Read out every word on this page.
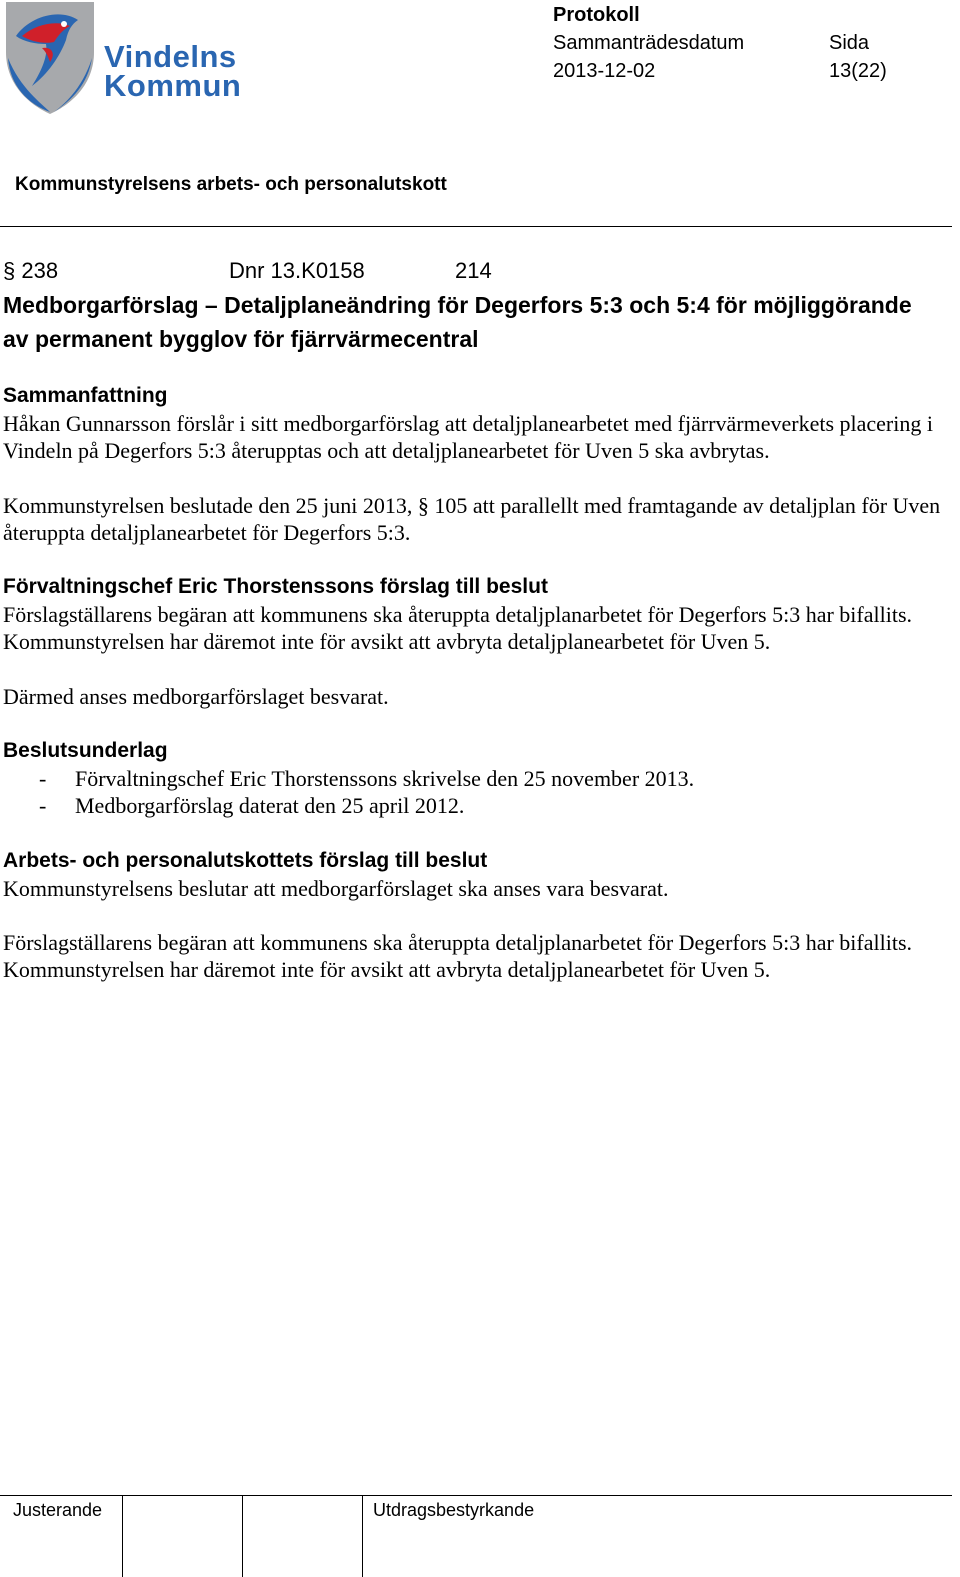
Vindelns
Kommun
Protokoll
Sammanträdesdatum	Sida
2013-12-02	13(22)
Kommunstyrelsens arbets- och personalutskott
§ 238	Dnr 13.K0158	214
Medborgarförslag – Detaljplaneändring för Degerfors 5:3 och 5:4 för möjliggörande av permanent bygglov för fjärrvärmecentral
Sammanfattning

Håkan Gunnarsson förslår i sitt medborgarförslag att detaljplanearbetet med fjärrvärmeverkets placering i Vindeln på Degerfors 5:3 återupptas och att detaljplanearbetet för Uven 5 ska avbrytas.

Kommunstyrelsen beslutade den 25 juni 2013, § 105 att parallellt med framtagande av detaljplan för Uven återuppta detaljplanearbetet för Degerfors 5:3.

Förvaltningschef Eric Thorstenssons förslag till beslut

Förslagställarens begäran att kommunens ska återuppta detaljplanarbetet för Degerfors 5:3 har bifallits. Kommunstyrelsen har däremot inte för avsikt att avbryta detaljplanearbetet för Uven 5.

Därmed anses medborgarförslaget besvarat.

Beslutsunderlag
- Förvaltningschef Eric Thorstenssons skrivelse den 25 november 2013.
- Medborgarförslag daterat den 25 april 2012.
Arbets- och personalutskottets förslag till beslut

Kommunstyrelsens beslutar att medborgarförslaget ska anses vara besvarat.

Förslagställarens begäran att kommunens ska återuppta detaljplanarbetet för Degerfors 5:3 har bifallits. Kommunstyrelsen har däremot inte för avsikt att avbryta detaljplanearbetet för Uven 5.

Justerande	Utdragsbestyrkande
